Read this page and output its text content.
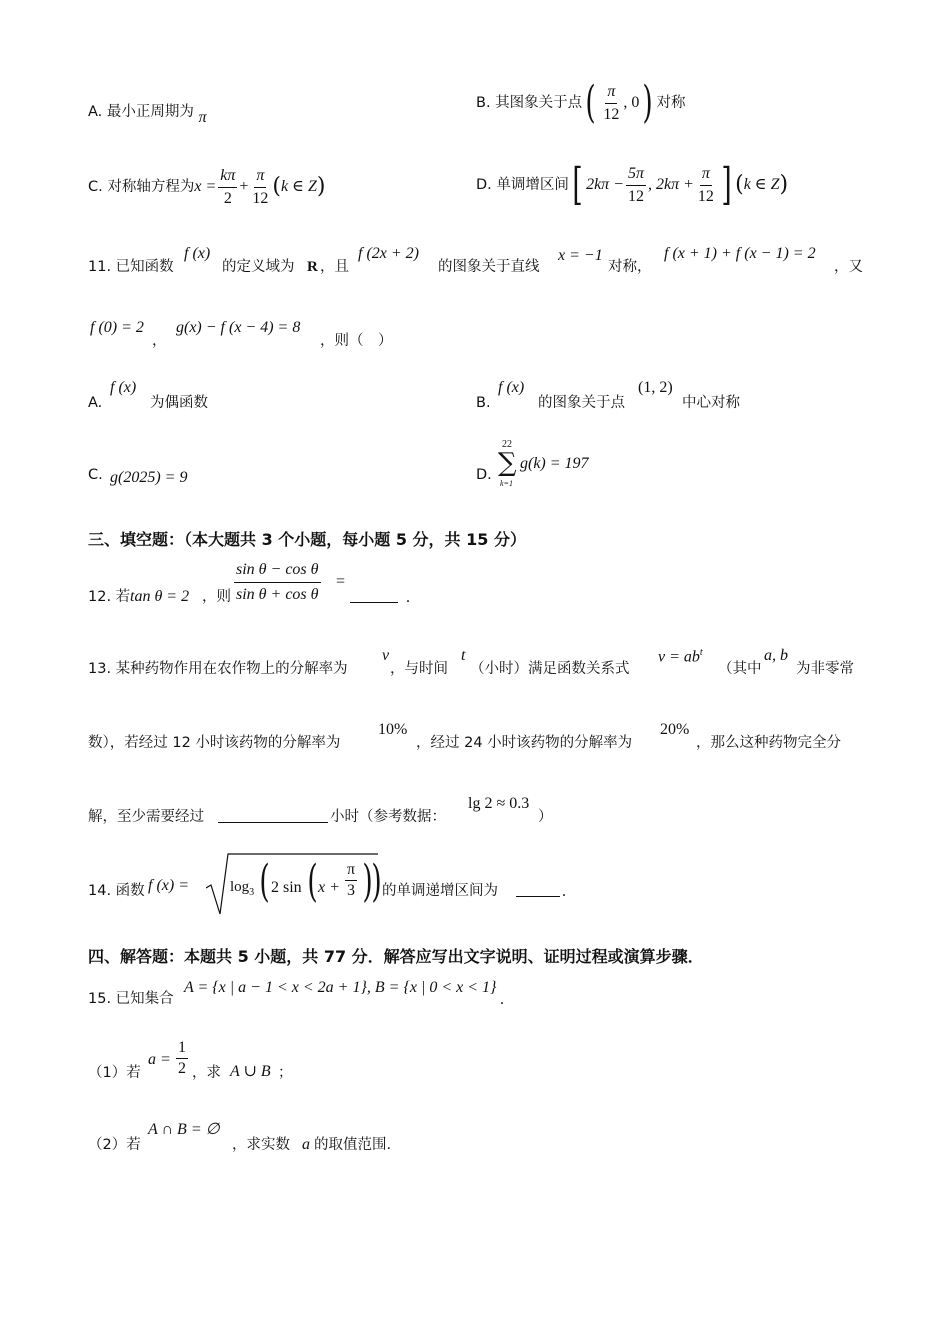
A. 最小正周期为 π
B. 其图象关于点 ( $\frac{\pi}{12}$ , 0 ) 对称
C. 对称轴方程为 $x = \frac{k\pi}{2} + \frac{\pi}{12}$ ( k ∈ Z )	D. 单调增区间 [ $2k\pi - \frac{5\pi}{12}$ , $2k\pi + \frac{\pi}{12}$ ] ( k ∈ Z )
11. 已知函数
f (x)
的定义域为 R ，且
f (2x + 2)
的图象关于直线
x = −1
对称，
f (x + 1) + f (x − 1) = 2
，又
f (0) = 2
，
g(x) − f (x − 4) = 8
，则（　）
A.
f (x)
为偶函数	B.
f (x)
的图象关于点
(1, 2)
中心对称
C. g(2025) = 9	D.
22
∑
k=1
g(k) = 197
三、填空题：（本大题共 3 个小题，每小题 5 分，共 15 分）
12. 若 tan θ = 2 ，则
sin θ − cos θ
sin θ + cos θ
=
.
13. 某种药物作用在农作物上的分解率为
v
，与时间
t
（小时）满足函数关系式
$v = ab^t$
（其中
a, b
为非零常
数），若经过 12 小时该药物的分解率为
10%
，经过 24 小时该药物的分解率为
20%
，那么这种药物完全分
解，至少需要经过	小时（参考数据：
lg 2 ≈ 0.3
）
14. 函数 f (x) =	$\log_3$ ( 2 sin ( x +
π
3 )
) 的单调递增区间为	.
四、解答题：本题共 5 小题，共 77 分．解答应写出文字说明、证明过程或演算步骤．
15. 已知集合
A = {x | a − 1 < x < 2a + 1}, B = {x | 0 < x < 1}
.
（1）若
a =
1
2 ，求 A ∪ B ；
（2）若
A ∩ B = ∅
，求实数 a 的取值范围.
